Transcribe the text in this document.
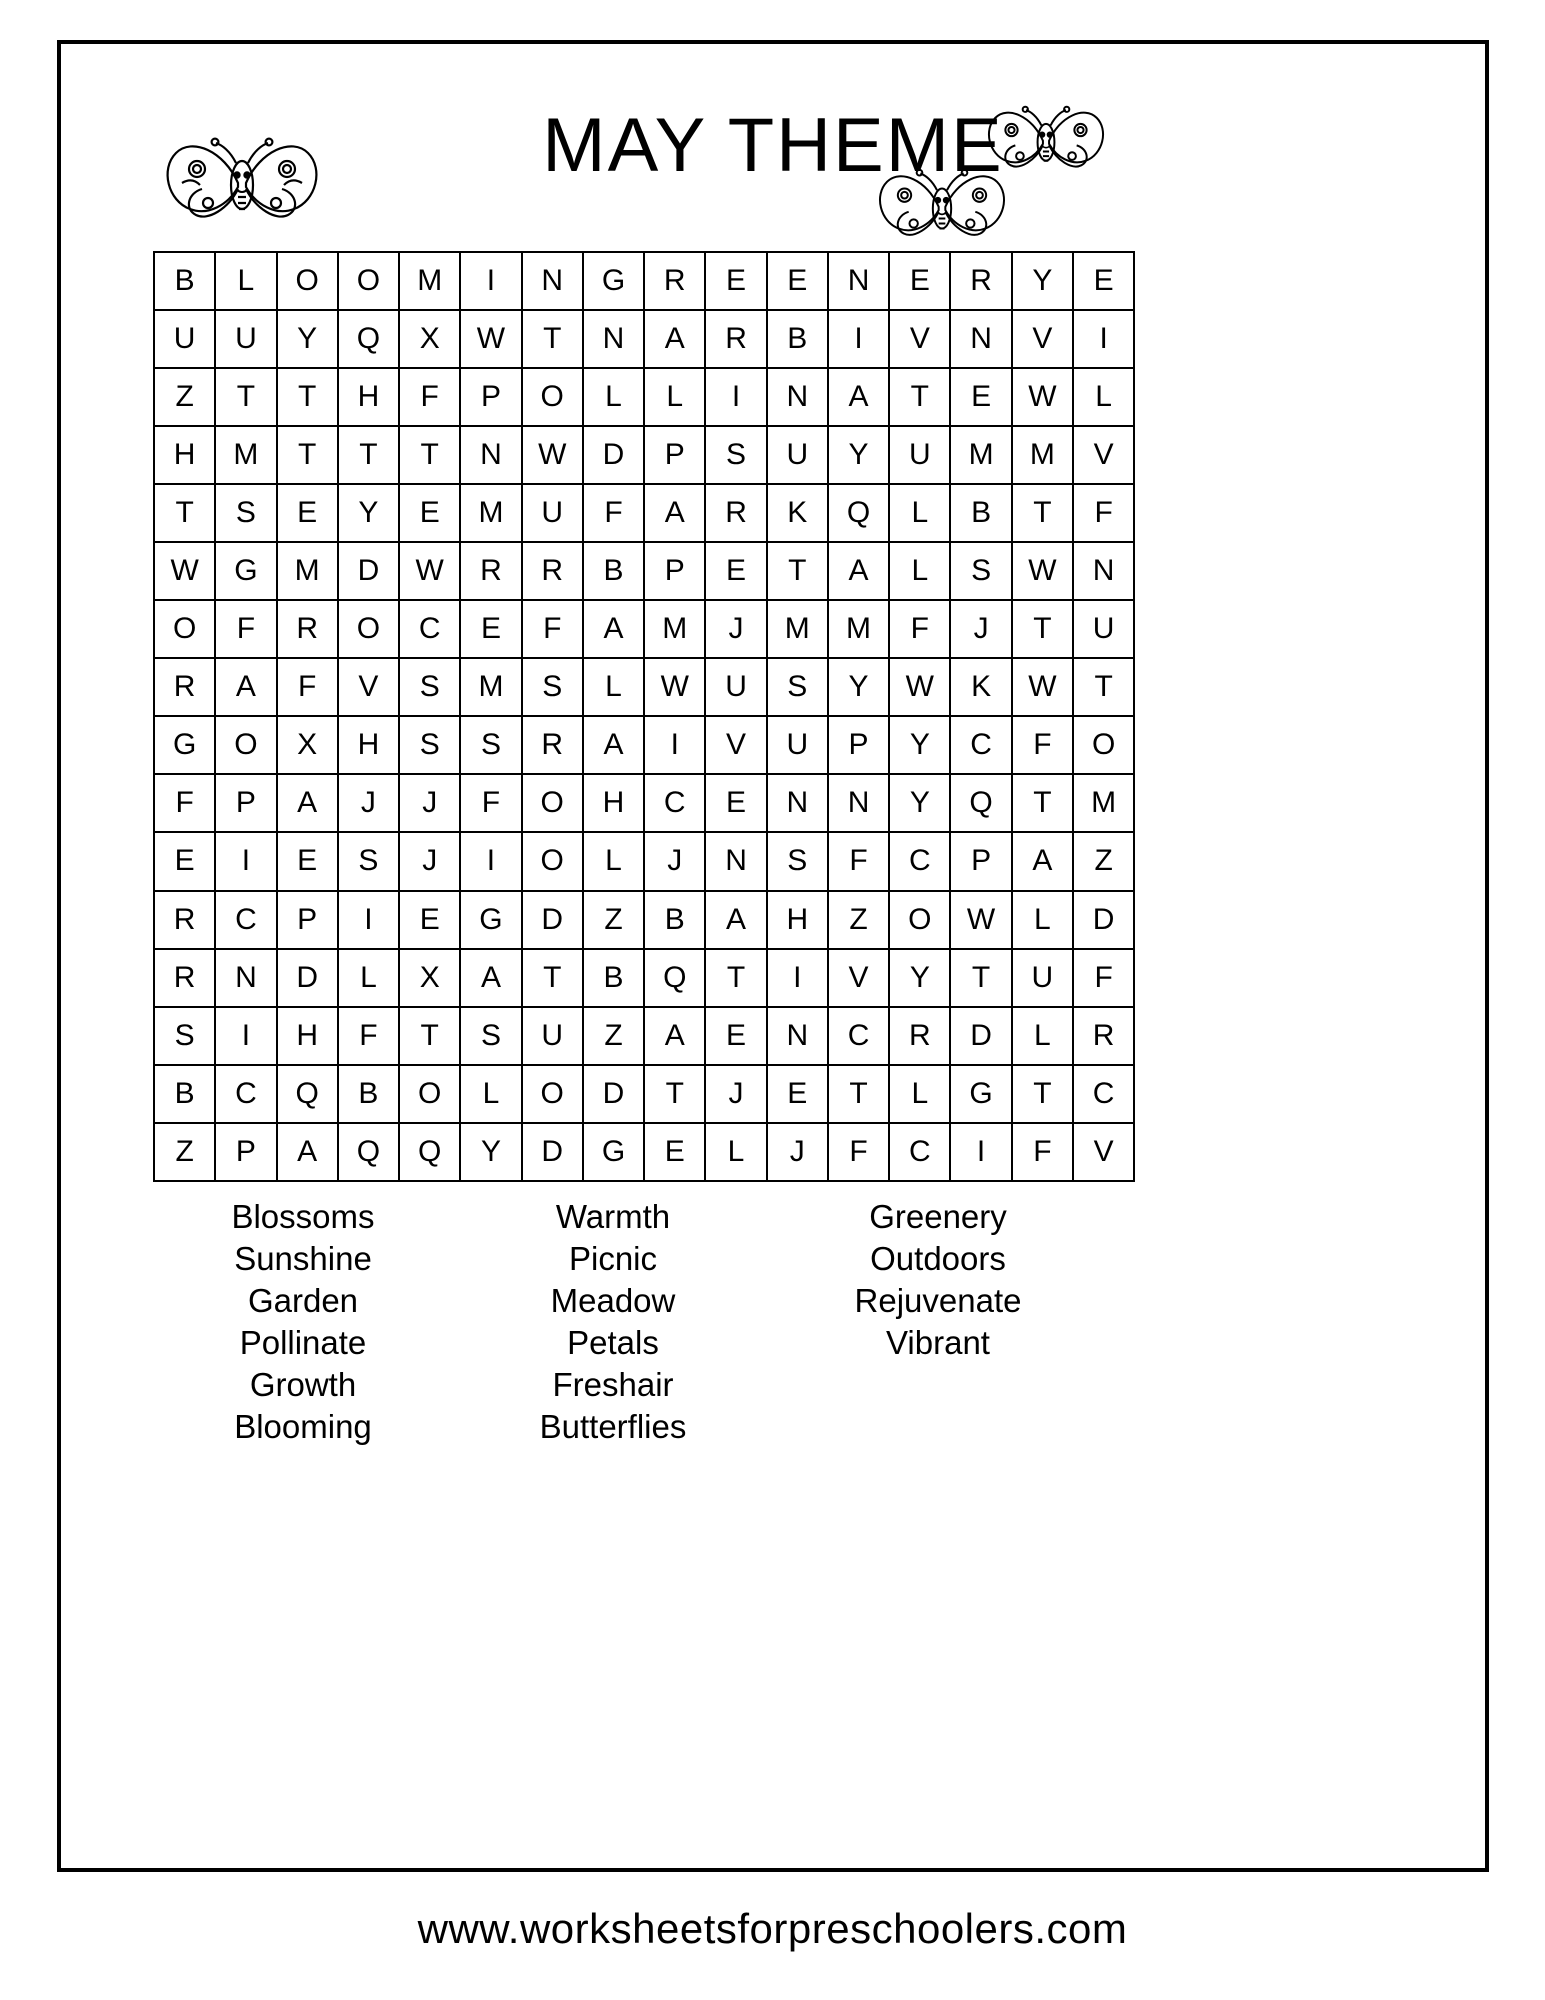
MAY THEME
B	L	O	O	M	I	N	G	R	E	E	N	E	R	Y	E
U	U	Y	Q	X	W	T	N	A	R	B	I	V	N	V	I
Z	T	T	H	F	P	O	L	L	I	N	A	T	E	W	L
H	M	T	T	T	N	W	D	P	S	U	Y	U	M	M	V
T	S	E	Y	E	M	U	F	A	R	K	Q	L	B	T	F
W	G	M	D	W	R	R	B	P	E	T	A	L	S	W	N
O	F	R	O	C	E	F	A	M	J	M	M	F	J	T	U
R	A	F	V	S	M	S	L	W	U	S	Y	W	K	W	T
G	O	X	H	S	S	R	A	I	V	U	P	Y	C	F	O
F	P	A	J	J	F	O	H	C	E	N	N	Y	Q	T	M
E	I	E	S	J	I	O	L	J	N	S	F	C	P	A	Z
R	C	P	I	E	G	D	Z	B	A	H	Z	O	W	L	D
R	N	D	L	X	A	T	B	Q	T	I	V	Y	T	U	F
S	I	H	F	T	S	U	Z	A	E	N	C	R	D	L	R
B	C	Q	B	O	L	O	D	T	J	E	T	L	G	T	C
Z	P	A	Q	Q	Y	D	G	E	L	J	F	C	I	F	V
Blossoms
Sunshine
Garden
Pollinate
Growth
Blooming
Warmth
Picnic
Meadow
Petals
Freshair
Butterflies
Greenery
Outdoors
Rejuvenate
Vibrant
www.worksheetsforpreschoolers.com
